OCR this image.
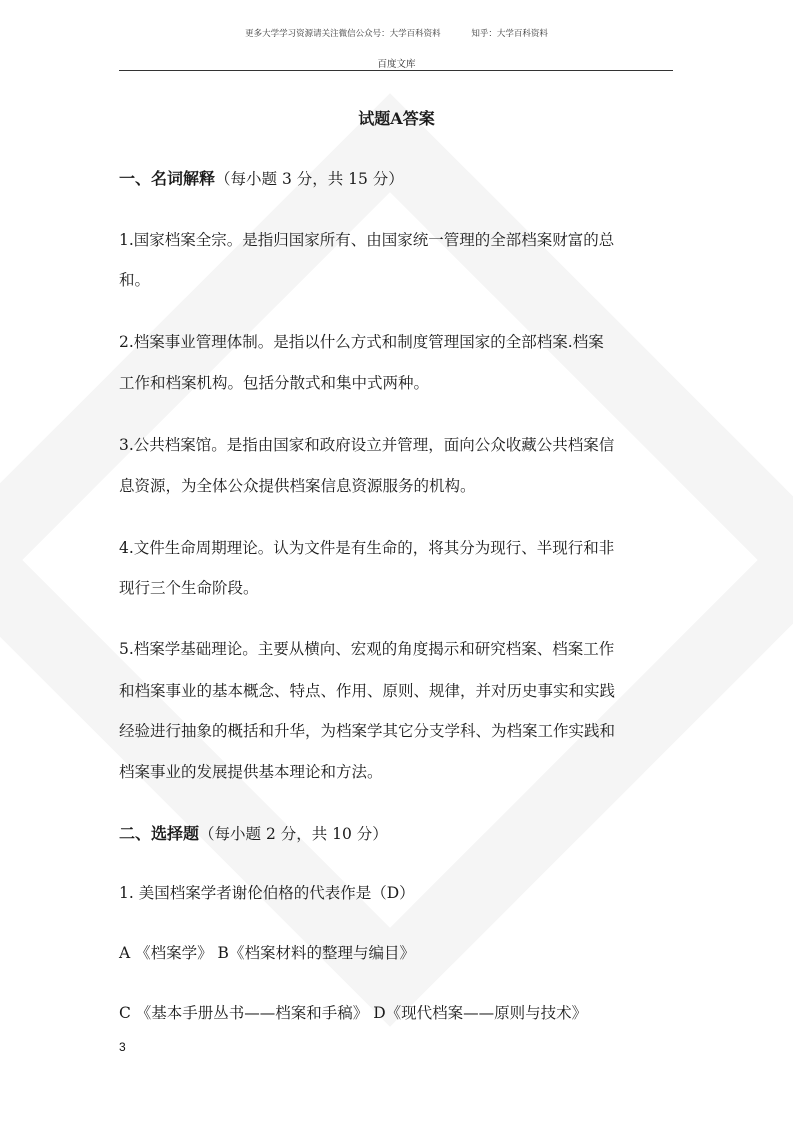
更多大学学习资源请关注微信公众号：大学百科资料	知乎：大学百科资料
百度文库
试题A答案
一、名词解释（每小题 3 分，共 15 分）
1.国家档案全宗。是指归国家所有、由国家统一管理的全部档案财富的总
和。
2.档案事业管理体制。是指以什么方式和制度管理国家的全部档案.档案
工作和档案机构。包括分散式和集中式两种。
3.公共档案馆。是指由国家和政府设立并管理，面向公众收藏公共档案信
息资源，为全体公众提供档案信息资源服务的机构。
4.文件生命周期理论。认为文件是有生命的，将其分为现行、半现行和非
现行三个生命阶段。
5.档案学基础理论。主要从横向、宏观的角度揭示和研究档案、档案工作
和档案事业的基本概念、特点、作用、原则、规律，并对历史事实和实践
经验进行抽象的概括和升华，为档案学其它分支学科、为档案工作实践和
档案事业的发展提供基本理论和方法。
二、选择题（每小题 2 分，共 10 分）
1. 美国档案学者谢伦伯格的代表作是（D）
A 《档案学》 B《档案材料的整理与编目》
C 《基本手册丛书——档案和手稿》 D《现代档案——原则与技术》
3
